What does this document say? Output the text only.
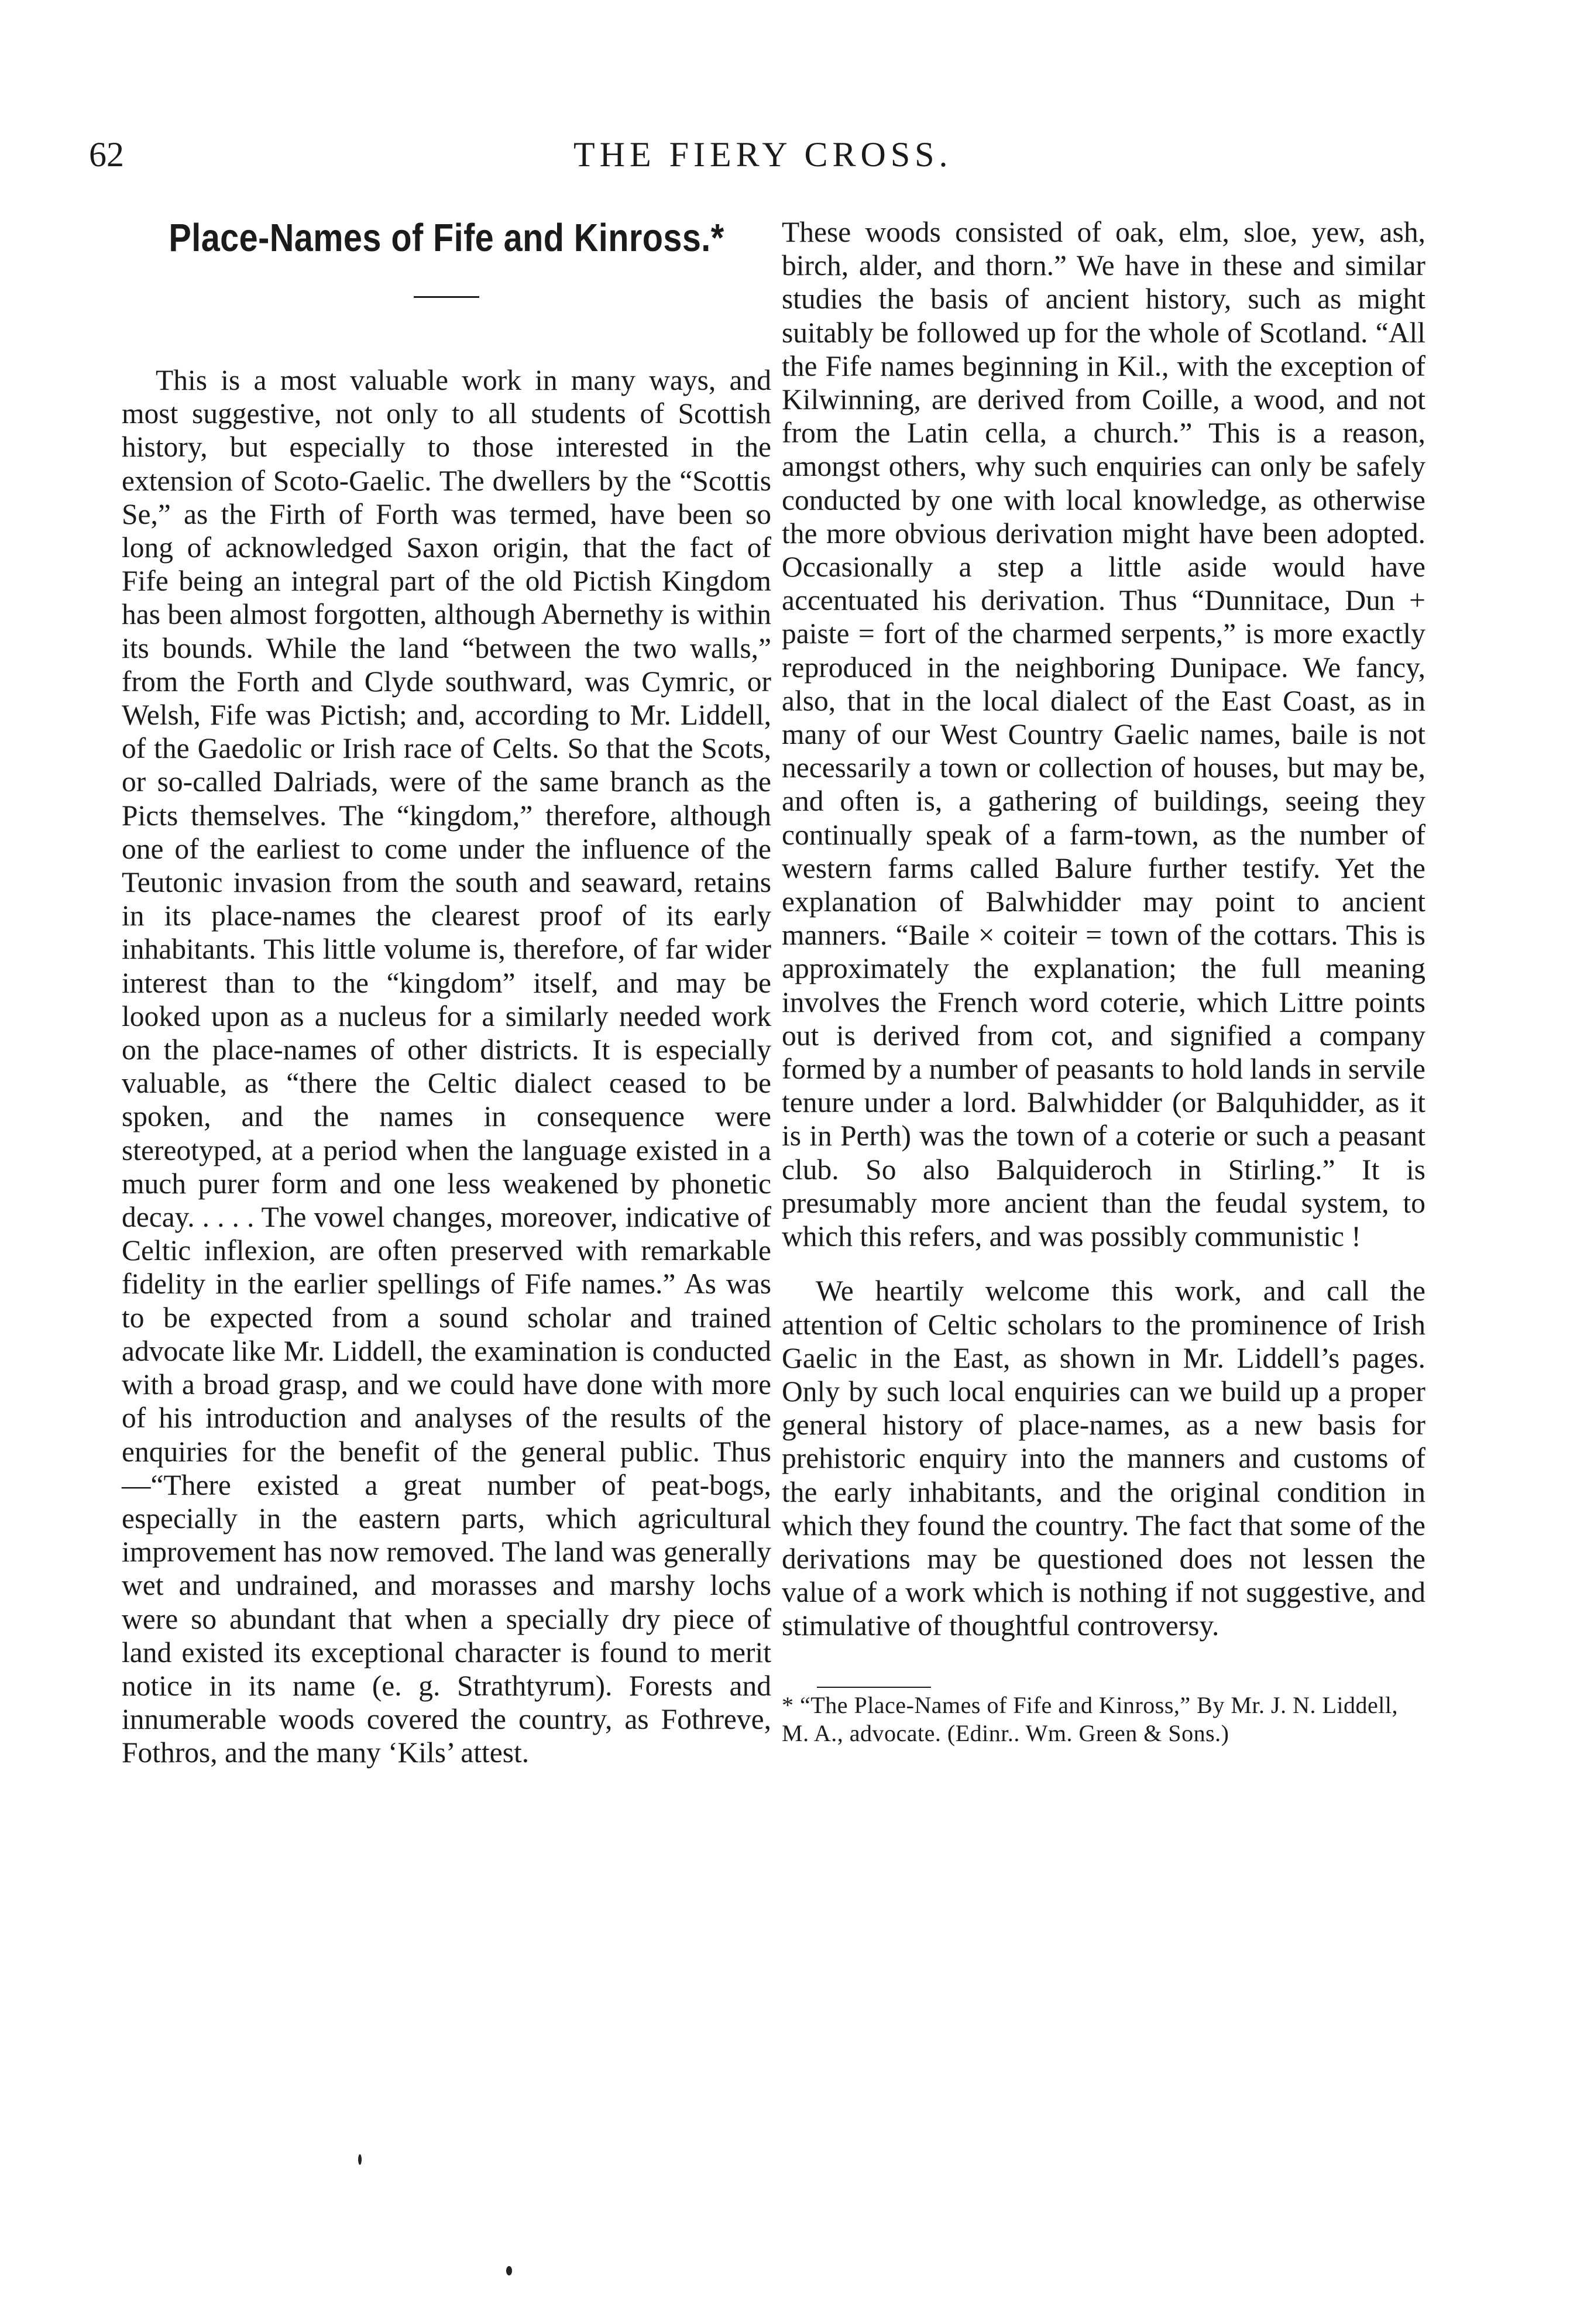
62	THE FIERY CROSS.
Place-Names of Fife and Kinross.*

This is a most valuable work in many ways, and most suggestive, not only to all students of Scottish history, but especially to those interested in the extension of Scoto-Gaelic. The dwellers by the “Scottis Se,” as the Firth of Forth was termed, have been so long of acknowledged Saxon origin, that the fact of Fife being an integral part of the old Pictish Kingdom has been almost forgotten, although Abernethy is within its bounds. While the land “between the two walls,” from the Forth and Clyde southward, was Cymric, or Welsh, Fife was Pictish; and, according to Mr. Liddell, of the Gaedolic or Irish race of Celts. So that the Scots, or so-called Dalriads, were of the same branch as the Picts themselves. The “kingdom,” therefore, although one of the earliest to come under the influence of the Teutonic invasion from the south and seaward, retains in its place-names the clearest proof of its early inhabitants. This little volume is, therefore, of far wider interest than to the “kingdom” itself, and may be looked upon as a nucleus for a similarly needed work on the place-names of other districts. It is especially valuable, as “there the Celtic dialect ceased to be spoken, and the names in consequence were stereotyped, at a period when the language existed in a much purer form and one less weakened by phonetic decay. . . . . The vowel changes, moreover, indicative of Celtic inflexion, are often preserved with remarkable fidelity in the earlier spellings of Fife names.” As was to be expected from a sound scholar and trained advocate like Mr. Liddell, the examination is conducted with a broad grasp, and we could have done with more of his introduction and analyses of the results of the enquiries for the benefit of the general public. Thus—“There existed a great number of peat-bogs, especially in the eastern parts, which agricultural improvement has now removed. The land was generally wet and undrained, and morasses and marshy lochs were so abundant that when a specially dry piece of land existed its exceptional character is found to merit notice in its name (e. g. Strathtyrum). Forests and innumerable woods covered the country, as Fothreve, Fothros, and the many ‘Kils’ attest.

These woods consisted of oak, elm, sloe, yew, ash, birch, alder, and thorn.” We have in these and similar studies the basis of ancient history, such as might suitably be followed up for the whole of Scotland. “All the Fife names beginning in Kil., with the exception of Kilwinning, are derived from Coille, a wood, and not from the Latin cella, a church.” This is a reason, amongst others, why such enquiries can only be safely conducted by one with local knowledge, as otherwise the more obvious derivation might have been adopted. Occasionally a step a little aside would have accentuated his derivation. Thus “Dunnitace, Dun + paiste = fort of the charmed serpents,” is more exactly reproduced in the neighboring Dunipace. We fancy, also, that in the local dialect of the East Coast, as in many of our West Country Gaelic names, baile is not necessarily a town or collection of houses, but may be, and often is, a gathering of buildings, seeing they continually speak of a farm-town, as the number of western farms called Balure further testify. Yet the explanation of Balwhidder may point to ancient manners. “Baile × coiteir = town of the cottars. This is approximately the explanation; the full meaning involves the French word coterie, which Littre points out is derived from cot, and signified a company formed by a number of peasants to hold lands in servile tenure under a lord. Balwhidder (or Balquhidder, as it is in Perth) was the town of a coterie or such a peasant club. So also Balquideroch in Stirling.” It is presumably more ancient than the feudal system, to which this refers, and was possibly communistic !

We heartily welcome this work, and call the attention of Celtic scholars to the prominence of Irish Gaelic in the East, as shown in Mr. Liddell’s pages. Only by such local enquiries can we build up a proper general history of place-names, as a new basis for prehistoric enquiry into the manners and customs of the early inhabitants, and the original condition in which they found the country. The fact that some of the derivations may be questioned does not lessen the value of a work which is nothing if not suggestive, and stimulative of thoughtful controversy.

* “The Place-Names of Fife and Kinross,” By Mr. J. N. Liddell, M. A., advocate. (Edinr.. Wm. Green & Sons.)
